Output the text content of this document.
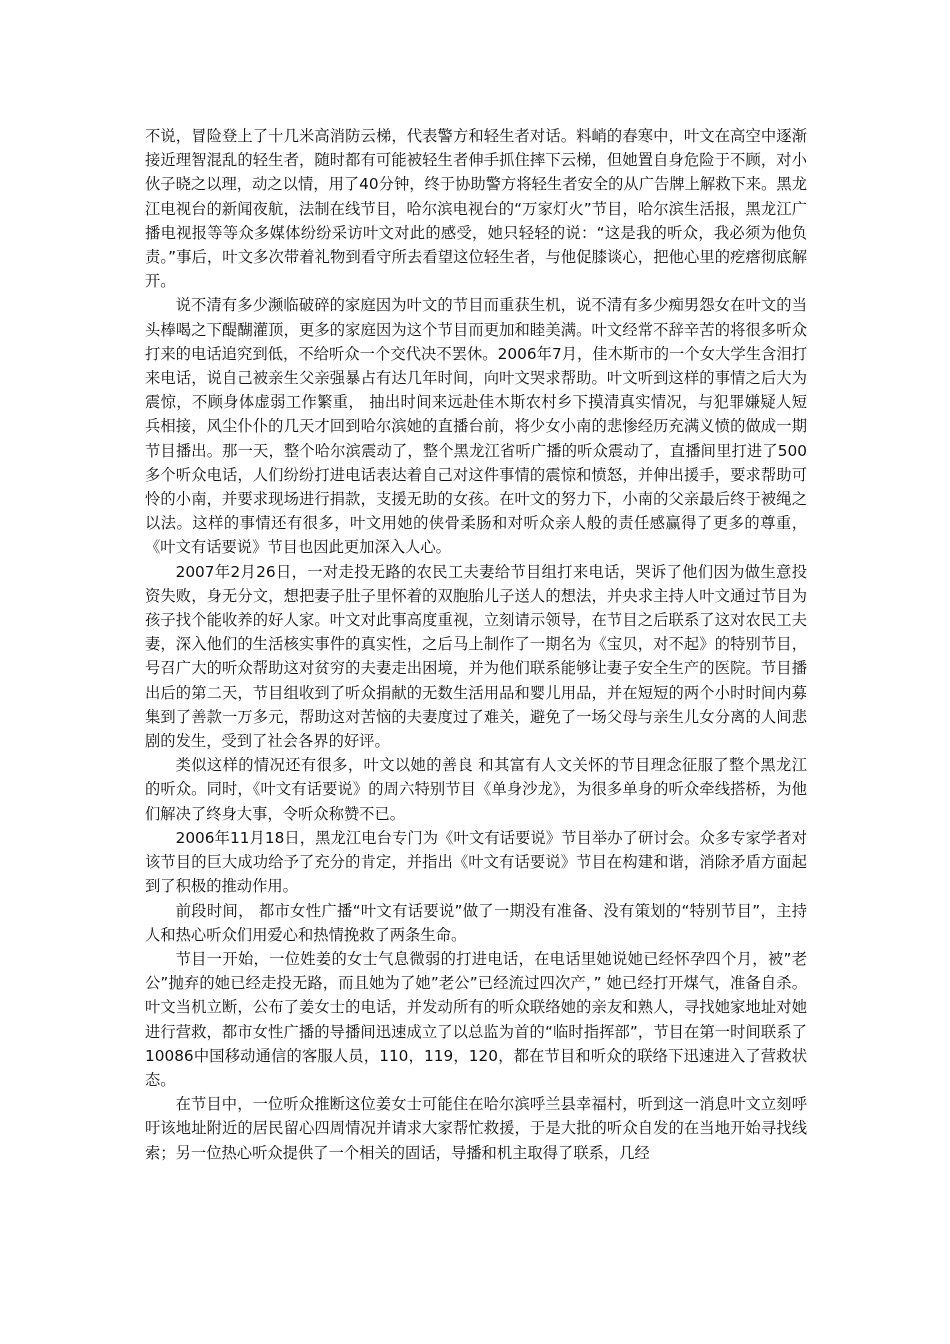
不说，冒险登上了十几米高消防云梯，代表警方和轻生者对话。料峭的春寒中，叶文在高空中逐渐接近理智混乱的轻生者，随时都有可能被轻生者伸手抓住摔下云梯，但她置自身危险于不顾，对小伙子晓之以理，动之以情，用了40分钟，终于协助警方将轻生者安全的从广告牌上解救下来。黑龙江电视台的新闻夜航，法制在线节目，哈尔滨电视台的“万家灯火”节目，哈尔滨生活报，黑龙江广播电视报等等众多媒体纷纷采访叶文对此的感受，她只轻轻的说：“这是我的听众，我必须为他负责。”事后，叶文多次带着礼物到看守所去看望这位轻生者，与他促膝谈心，把他心里的疙瘩彻底解开。

说不清有多少濒临破碎的家庭因为叶文的节目而重获生机，说不清有多少痴男怨女在叶文的当头棒喝之下醍醐灌顶，更多的家庭因为这个节目而更加和睦美满。叶文经常不辞辛苦的将很多听众打来的电话追究到低，不给听众一个交代决不罢休。2006年7月，佳木斯市的一个女大学生含泪打来电话，说自己被亲生父亲强暴占有达几年时间，向叶文哭求帮助。叶文听到这样的事情之后大为震惊，不顾身体虚弱工作繁重， 抽出时间来远赴佳木斯农村乡下摸清真实情况，与犯罪嫌疑人短兵相接，风尘仆仆的几天才回到哈尔滨她的直播台前，将少女小南的悲惨经历充满义愤的做成一期节目播出。那一天，整个哈尔滨震动了，整个黑龙江省听广播的听众震动了，直播间里打进了500多个听众电话，人们纷纷打进电话表达着自己对这件事情的震惊和愤怒，并伸出援手，要求帮助可怜的小南，并要求现场进行捐款，支援无助的女孩。在叶文的努力下，小南的父亲最后终于被绳之以法。这样的事情还有很多，叶文用她的侠骨柔肠和对听众亲人般的责任感赢得了更多的尊重，《叶文有话要说》节目也因此更加深入人心。

2007年2月26日，一对走投无路的农民工夫妻给节目组打来电话，哭诉了他们因为做生意投资失败，身无分文，想把妻子肚子里怀着的双胞胎儿子送人的想法，并央求主持人叶文通过节目为孩子找个能收养的好人家。叶文对此事高度重视，立刻请示领导，在节目之后联系了这对农民工夫妻，深入他们的生活核实事件的真实性，之后马上制作了一期名为《宝贝，对不起》的特别节目，号召广大的听众帮助这对贫穷的夫妻走出困境，并为他们联系能够让妻子安全生产的医院。节目播出后的第二天，节目组收到了听众捐献的无数生活用品和婴儿用品，并在短短的两个小时时间内募集到了善款一万多元，帮助这对苦恼的夫妻度过了难关，避免了一场父母与亲生儿女分离的人间悲剧的发生，受到了社会各界的好评。

类似这样的情况还有很多，叶文以她的善良 和其富有人文关怀的节目理念征服了整个黑龙江的听众。同时，《叶文有话要说》的周六特别节目《单身沙龙》，为很多单身的听众牵线搭桥，为他们解决了终身大事，令听众称赞不已。

2006年11月18日，黑龙江电台专门为《叶文有话要说》节目举办了研讨会。众多专家学者对该节目的巨大成功给予了充分的肯定，并指出《叶文有话要说》节目在构建和谐，消除矛盾方面起到了积极的推动作用。

前段时间， 都市女性广播“叶文有话要说”做了一期没有准备、没有策划的“特别节目”，主持人和热心听众们用爱心和热情挽救了两条生命。

节目一开始，一位姓姜的女士气息微弱的打进电话，在电话里她说她已经怀孕四个月，被”老公”抛弃的她已经走投无路，而且她为了她”老公”已经流过四次产，” 她已经打开煤气，准备自杀。叶文当机立断，公布了姜女士的电话，并发动所有的听众联络她的亲友和熟人，寻找她家地址对她进行营救，都市女性广播的导播间迅速成立了以总监为首的“临时指挥部”，节目在第一时间联系了10086中国移动通信的客服人员，110，119，120，都在节目和听众的联络下迅速进入了营救状态。

在节目中，一位听众推断这位姜女士可能住在哈尔滨呼兰县幸福村，听到这一消息叶文立刻呼吁该地址附近的居民留心四周情况并请求大家帮忙救援，于是大批的听众自发的在当地开始寻找线索；另一位热心听众提供了一个相关的固话，导播和机主取得了联系，几经
